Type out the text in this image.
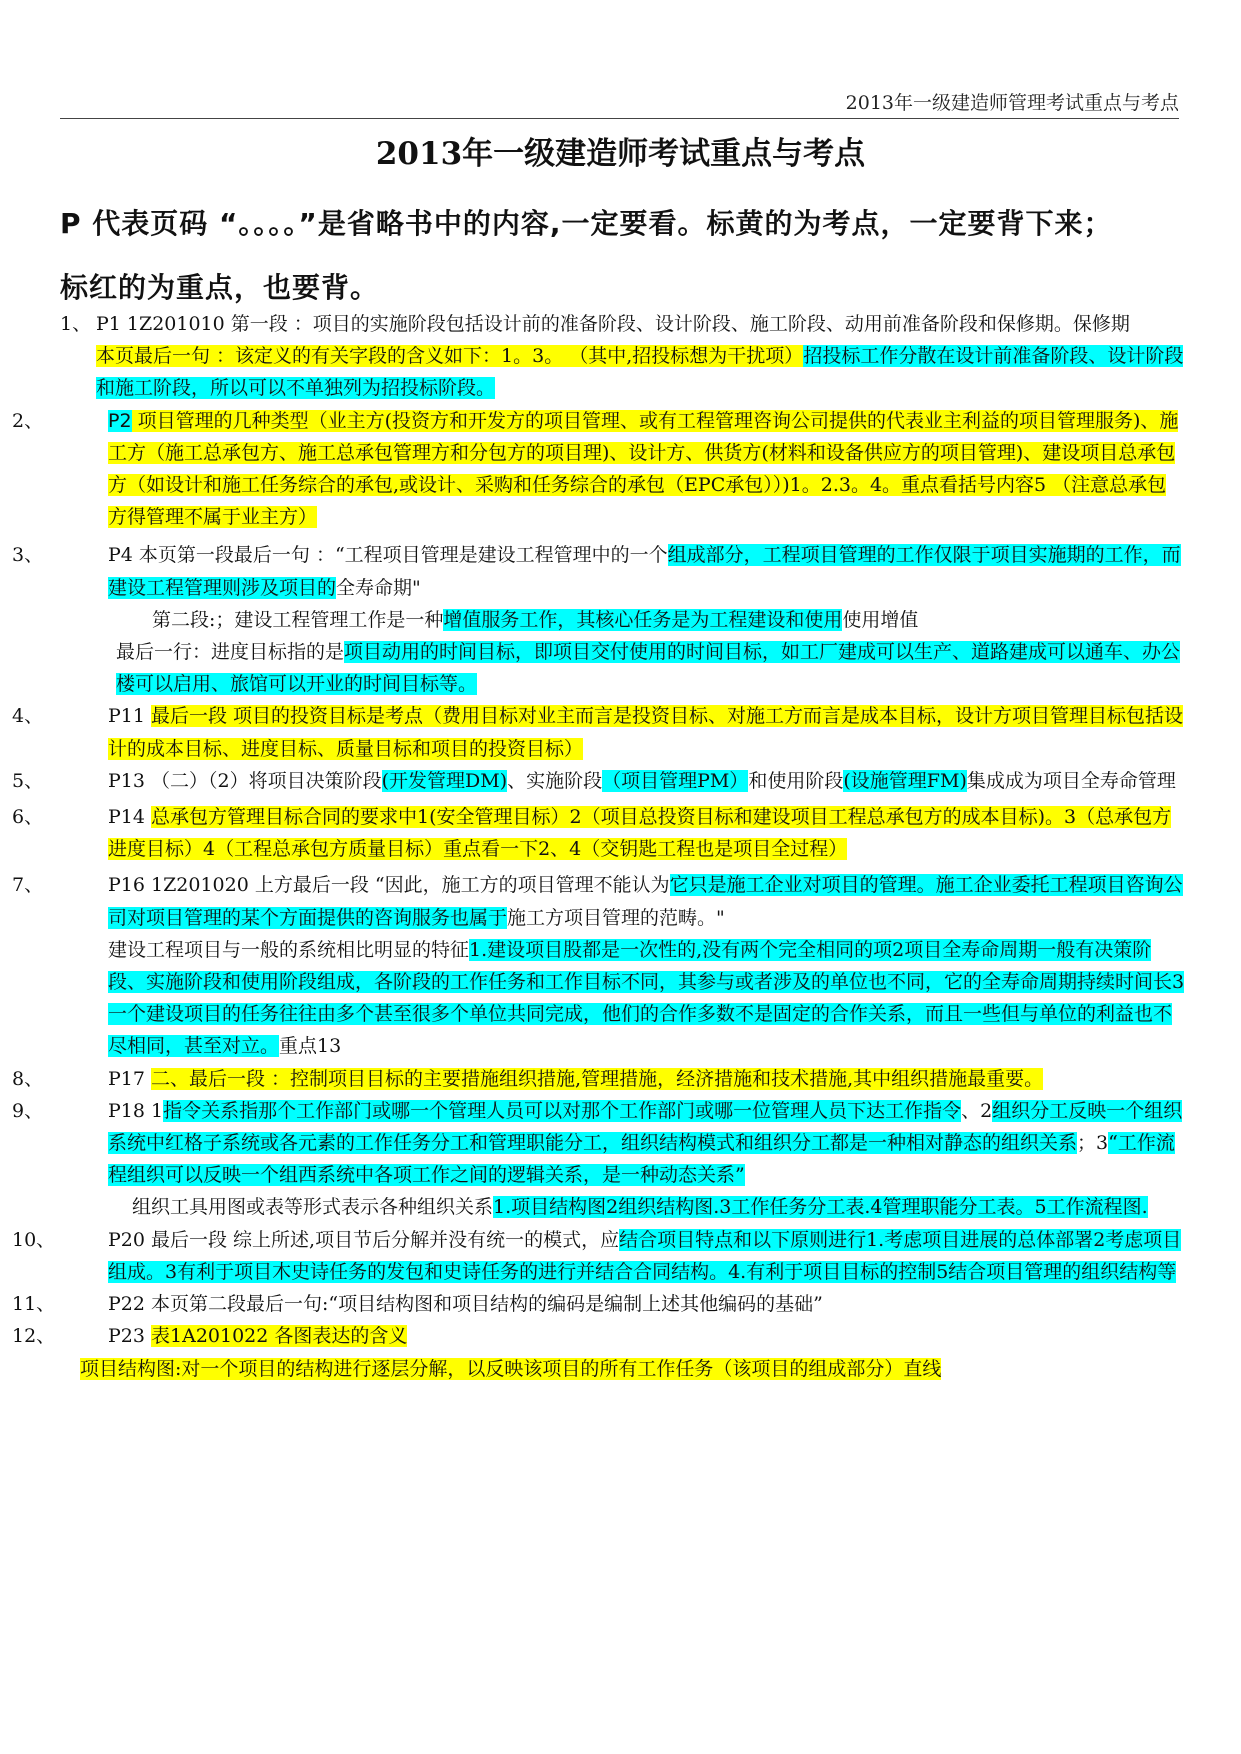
2013年一级建造师管理考试重点与考点
2013年一级建造师考试重点与考点
P 代表页码 “。。。。”是省略书中的内容,一定要看。标黄的为考点，一定要背下来；
标红的为重点，也要背。
1、 P1 1Z201010 第一段 ：项目的实施阶段包括设计前的准备阶段、设计阶段、施工阶段、动用前准备阶段和保修期。保修期
本页最后一句 ：该定义的有关字段的含义如下：1。3。 （其中,招投标想为干扰项）招投标工作分散在设计前准备阶段、设计阶段和施工阶段，所以可以不单独列为招投标阶段。
2、	P2 项目管理的几种类型（业主方(投资方和开发方的项目管理、或有工程管理咨询公司提供的代表业主利益的项目管理服务)、施工方（施工总承包方、施工总承包管理方和分包方的项目理)、设计方、供货方(材料和设备供应方的项目管理)、建设项目总承包方（如设计和施工任务综合的承包,或设计、采购和任务综合的承包（EPC承包））)1。2.3。4。重点看括号内容5 （注意总承包方得管理不属于业主方）
3、	P4 本页第一段最后一句 ：“工程项目管理是建设工程管理中的一个组成部分，工程项目管理的工作仅限于项目实施期的工作，而建设工程管理则涉及项目的全寿命期"
第二段:；建设工程管理工作是一种增值服务工作，其核心任务是为工程建设和使用使用增值
最后一行：进度目标指的是项目动用的时间目标，即项目交付使用的时间目标，如工厂建成可以生产、道路建成可以通车、办公楼可以启用、旅馆可以开业的时间目标等。
4、	P11 最后一段 项目的投资目标是考点（费用目标对业主而言是投资目标、对施工方而言是成本目标，设计方项目管理目标包括设计的成本目标、进度目标、质量目标和项目的投资目标）
5、	P13 （二）（2）将项目决策阶段(开发管理DM)、实施阶段（项目管理PM）和使用阶段(设施管理FM)集成成为项目全寿命管理
6、	P14 总承包方管理目标合同的要求中1(安全管理目标）2（项目总投资目标和建设项目工程总承包方的成本目标)。3（总承包方进度目标）4（工程总承包方质量目标）重点看一下2、4（交钥匙工程也是项目全过程）
7、	P16 1Z201020 上方最后一段 “因此，施工方的项目管理不能认为它只是施工企业对项目的管理。施工企业委托工程项目咨询公司对项目管理的某个方面提供的咨询服务也属于施工方项目管理的范畴。"
建设工程项目与一般的系统相比明显的特征1.建设项目股都是一次性的,没有两个完全相同的项2项目全寿命周期一般有决策阶段、实施阶段和使用阶段组成，各阶段的工作任务和工作目标不同，其参与或者涉及的单位也不同，它的全寿命周期持续时间长3一个建设项目的任务往往由多个甚至很多个单位共同完成，他们的合作多数不是固定的合作关系，而且一些但与单位的利益也不尽相同，甚至对立。重点13
8、	P17 二、最后一段 ：控制项目目标的主要措施组织措施,管理措施，经济措施和技术措施,其中组织措施最重要。
9、	P18 1指令关系指那个工作部门或哪一个管理人员可以对那个工作部门或哪一位管理人员下达工作指令、2组织分工反映一个组织系统中红格子系统或各元素的工作任务分工和管理职能分工，组织结构模式和组织分工都是一种相对静态的组织关系；3“工作流程组织可以反映一个组西系统中各项工作之间的逻辑关系，是一种动态关系”
组织工具用图或表等形式表示各种组织关系1.项目结构图2组织结构图.3工作任务分工表.4管理职能分工表。5工作流程图.
10、	P20 最后一段 综上所述,项目节后分解并没有统一的模式，应结合项目特点和以下原则进行1.考虑项目进展的总体部署2考虑项目组成。3有利于项目木史诗任务的发包和史诗任务的进行并结合合同结构。4.有利于项目目标的控制5结合项目管理的组织结构等
11、	P22 本页第二段最后一句:“项目结构图和项目结构的编码是编制上述其他编码的基础”
12、	P23 表1A201022 各图表达的含义
项目结构图:对一个项目的结构进行逐层分解，以反映该项目的所有工作任务（该项目的组成部分）直线
